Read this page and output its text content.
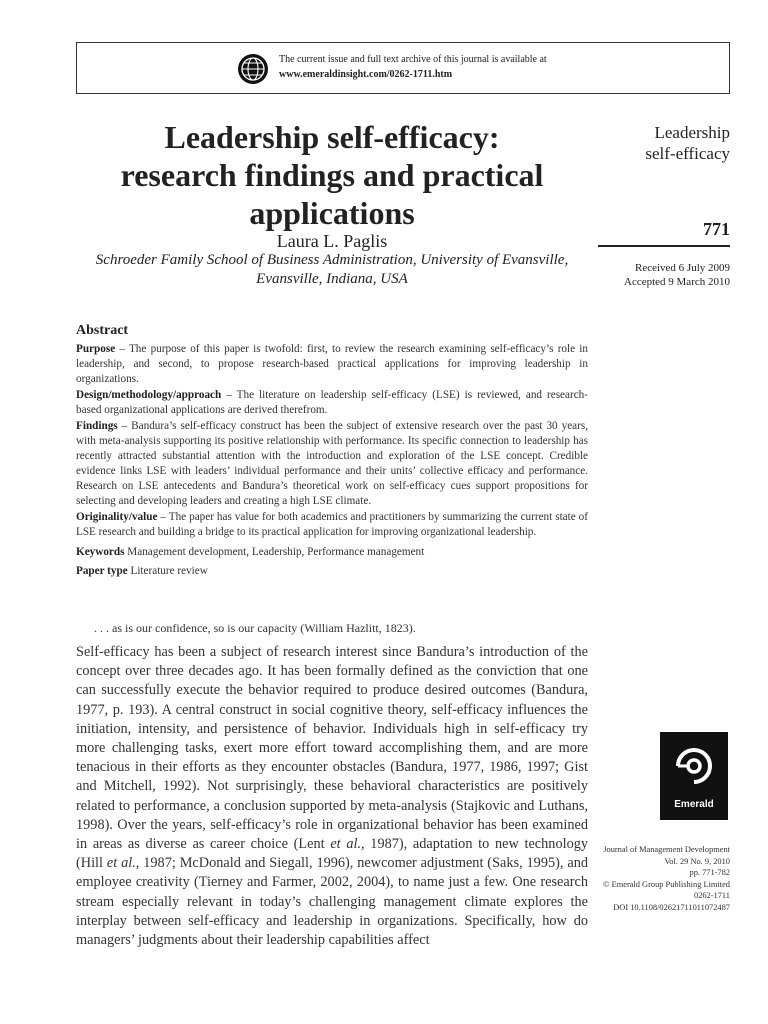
The current issue and full text archive of this journal is available at
www.emeraldinsight.com/0262-1711.htm
Leadership self-efficacy:
research findings and practical
applications
Laura L. Paglis
Schroeder Family School of Business Administration, University of Evansville,
Evansville, Indiana, USA
Leadership
self-efficacy
771
Received 6 July 2009
Accepted 9 March 2010
Abstract

Purpose – The purpose of this paper is twofold: first, to review the research examining self-efficacy’s role in leadership, and second, to propose research-based practical applications for improving leadership in organizations.

Design/methodology/approach – The literature on leadership self-efficacy (LSE) is reviewed, and research-based organizational applications are derived therefrom.

Findings – Bandura’s self-efficacy construct has been the subject of extensive research over the past 30 years, with meta-analysis supporting its positive relationship with performance. Its specific connection to leadership has recently attracted substantial attention with the introduction and exploration of the LSE concept. Credible evidence links LSE with leaders’ individual performance and their units’ collective efficacy and performance. Research on LSE antecedents and Bandura’s theoretical work on self-efficacy cues support propositions for selecting and developing leaders and creating a high LSE climate.

Originality/value – The paper has value for both academics and practitioners by summarizing the current state of LSE research and building a bridge to its practical application for improving organizational leadership.

Keywords Management development, Leadership, Performance management
Paper type Literature review
. . . as is our confidence, so is our capacity (William Hazlitt, 1823).
Self-efficacy has been a subject of research interest since Bandura’s introduction of the concept over three decades ago. It has been formally defined as the conviction that one can successfully execute the behavior required to produce desired outcomes (Bandura, 1977, p. 193). A central construct in social cognitive theory, self-efficacy influences the initiation, intensity, and persistence of behavior. Individuals high in self-efficacy try more challenging tasks, exert more effort toward accomplishing them, and are more tenacious in their efforts as they encounter obstacles (Bandura, 1977, 1986, 1997; Gist and Mitchell, 1992). Not surprisingly, these behavioral characteristics are positively related to performance, a conclusion supported by meta-analysis (Stajkovic and Luthans, 1998). Over the years, self-efficacy’s role in organizational behavior has been examined in areas as diverse as career choice (Lent et al., 1987), adaptation to new technology (Hill et al., 1987; McDonald and Siegall, 1996), newcomer adjustment (Saks, 1995), and employee creativity (Tierney and Farmer, 2002, 2004), to name just a few. One research stream especially relevant in today’s challenging management climate explores the interplay between self-efficacy and leadership in organizations. Specifically, how do managers’ judgments about their leadership capabilities affect
Emerald
Journal of Management Development
Vol. 29 No. 9, 2010
pp. 771-782
© Emerald Group Publishing Limited
0262-1711
DOI 10.1108/02621711011072487
